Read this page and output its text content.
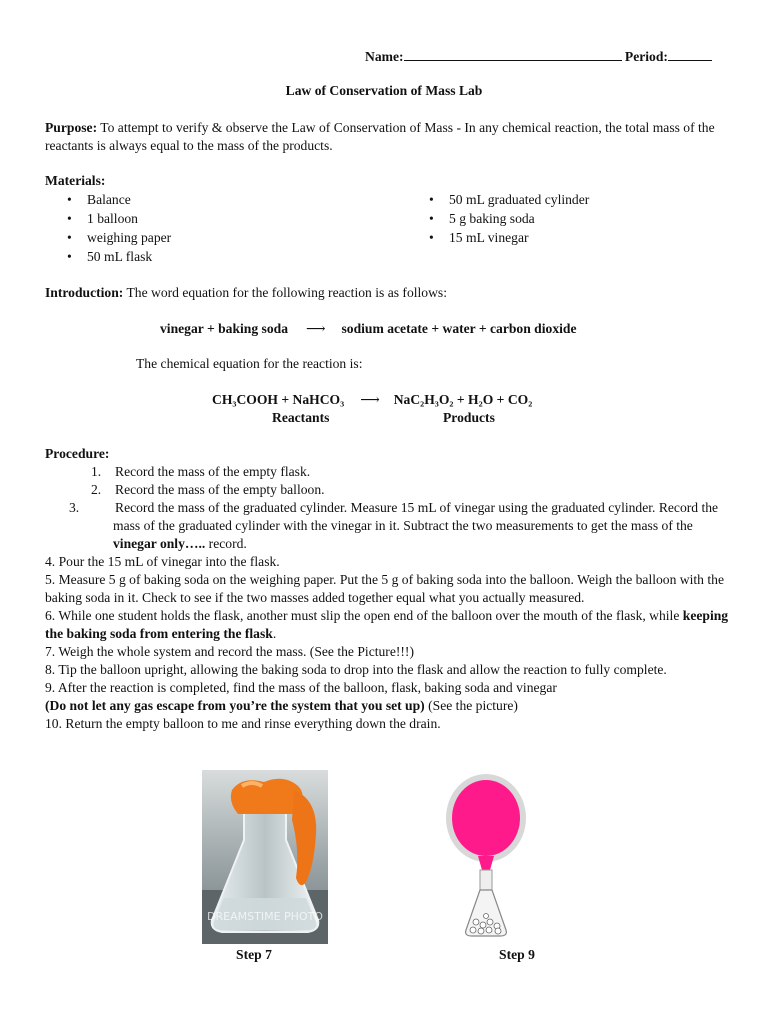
Name:	Period:
Law of Conservation of Mass Lab
Purpose: To attempt to verify & observe the Law of Conservation of Mass - In any chemical reaction, the total mass of the reactants is always equal to the mass of the products.
Materials:
• Balance
• 1 balloon
• weighing paper
• 50 mL flask
• 50 mL graduated cylinder
• 5 g baking soda
• 15 mL vinegar
Introduction: The word equation for the following reaction is as follows:
vinegar + baking soda ⟶ sodium acetate + water + carbon dioxide
The chemical equation for the reaction is:
CH₃COOH + NaHCO₃ ⟶ NaC₂H₃O₂ + H₂O + CO₂
Reactants	Products
Procedure:
1. Record the mass of the empty flask.
2. Record the mass of the empty balloon.
3.	Record the mass of the graduated cylinder. Measure 15 mL of vinegar using the graduated cylinder. Record the mass of the graduated cylinder with the vinegar in it. Subtract the two measurements to get the mass of the vinegar only….. record.
4. Pour the 15 mL of vinegar into the flask.
5. Measure 5 g of baking soda on the weighing paper. Put the 5 g of baking soda into the balloon. Weigh the balloon with the baking soda in it. Check to see if the two masses added together equal what you actually measured.
6. While one student holds the flask, another must slip the open end of the balloon over the mouth of the flask, while keeping the baking soda from entering the flask.
7. Weigh the whole system and record the mass. (See the Picture!!!)
8. Tip the balloon upright, allowing the baking soda to drop into the flask and allow the reaction to fully complete.
9. After the reaction is completed, find the mass of the balloon, flask, baking soda and vinegar
(Do not let any gas escape from you’re the system that you set up) (See the picture)
10. Return the empty balloon to me and rinse everything down the drain.
DREAMSTIME PHOTO
Step 7	Step 9
